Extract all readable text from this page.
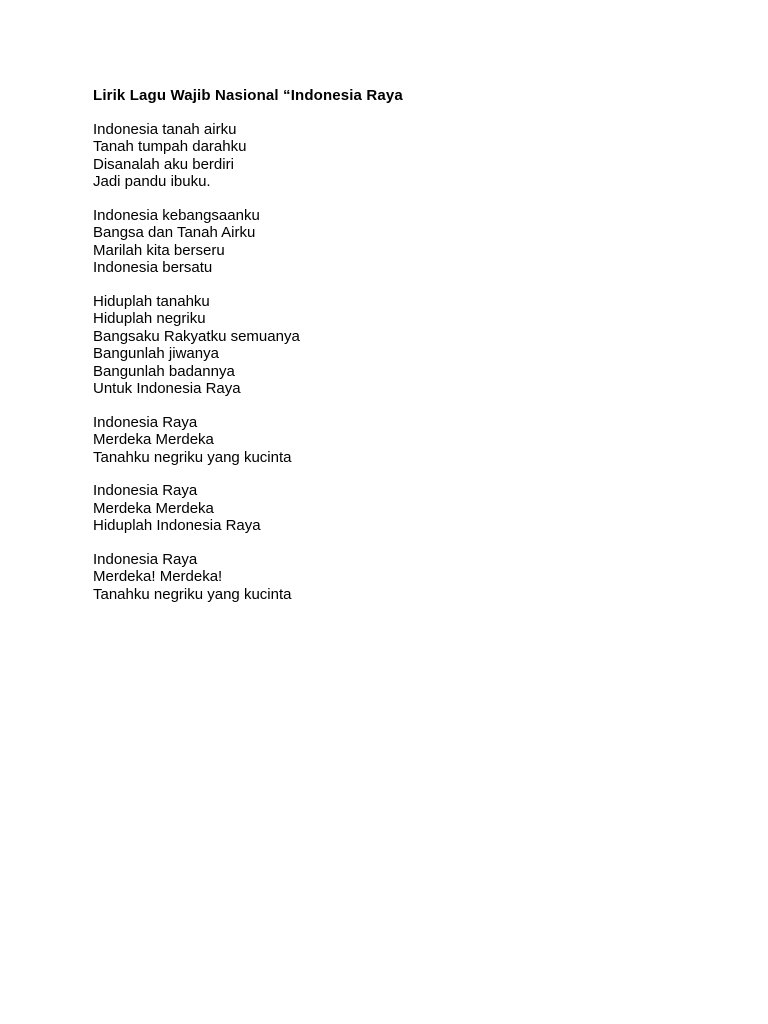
Lirik Lagu Wajib Nasional “Indonesia Raya
Indonesia tanah airku
Tanah tumpah darahku
Disanalah aku berdiri
Jadi pandu ibuku.
Indonesia kebangsaanku
Bangsa dan Tanah Airku
Marilah kita berseru
Indonesia bersatu
Hiduplah tanahku
Hiduplah negriku
Bangsaku Rakyatku semuanya
Bangunlah jiwanya
Bangunlah badannya
Untuk Indonesia Raya
Indonesia Raya
Merdeka Merdeka
Tanahku negriku yang kucinta
Indonesia Raya
Merdeka Merdeka
Hiduplah Indonesia Raya
Indonesia Raya
Merdeka! Merdeka!
Tanahku negriku yang kucinta
